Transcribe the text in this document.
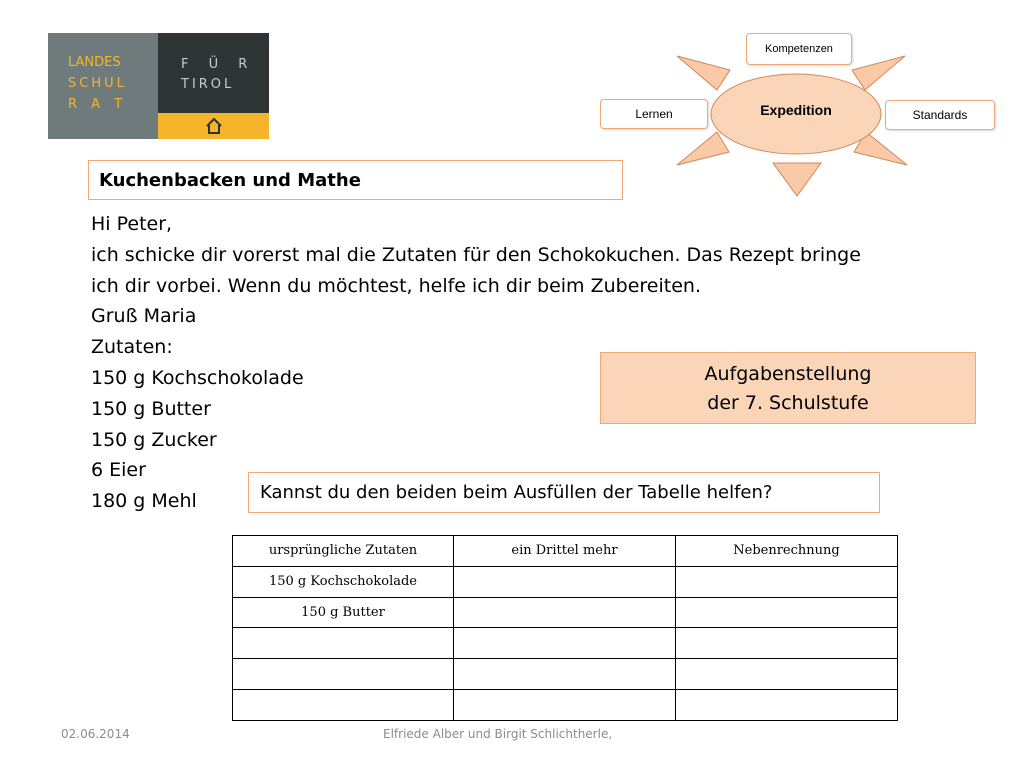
LANDES
SCHUL
R A T
F Ü R
TIROL
Kompetenzen
Lernen	Standards
Expedition
Kuchenbacken und Mathe
Hi Peter,
ich schicke dir vorerst mal die Zutaten für den Schokokuchen. Das Rezept bringe
ich dir vorbei. Wenn du möchtest, helfe ich dir beim Zubereiten.
Gruß Maria
Zutaten:
150 g Kochschokolade
150 g Butter
150 g Zucker
6 Eier
180 g Mehl
Aufgabenstellung
der 7. Schulstufe
Kannst du den beiden beim Ausfüllen der Tabelle helfen?
ursprüngliche Zutaten	ein Drittel mehr	Nebenrechnung
150 g Kochschokolade		
150 g Butter		

02.06.2014	Elfriede Alber und Birgit Schlichtherle,
